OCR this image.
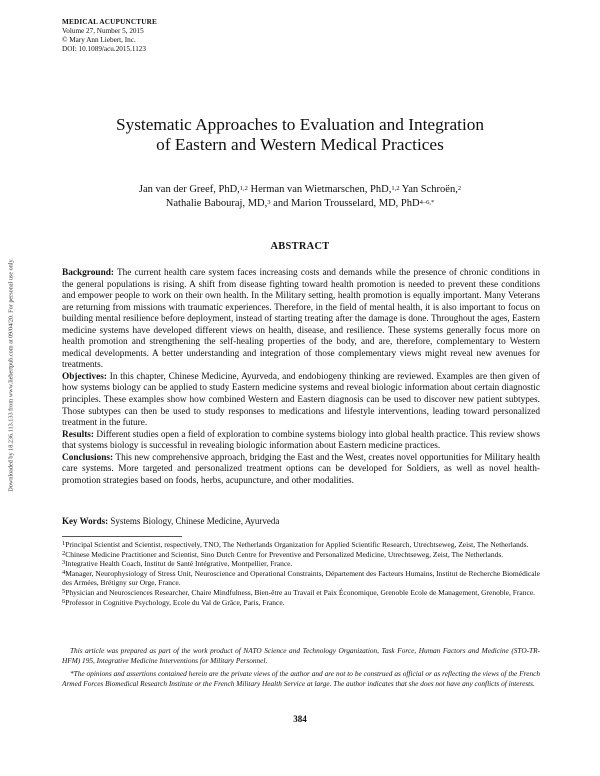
MEDICAL ACUPUNCTURE
Volume 27, Number 5, 2015
© Mary Ann Liebert, Inc.
DOI: 10.1089/acu.2015.1123
Downloaded by 18.236.113.133 from www.liebertpub.com at 09/04/20. For personal use only.
Systematic Approaches to Evaluation and Integration
of Eastern and Western Medical Practices
Jan van der Greef, PhD,$^{1,2}$ Herman van Wietmarschen, PhD,$^{1,2}$ Yan Schroën,$^2$
Nathalie Babouraj, MD,$^3$ and Marion Trousselard, MD, PhD$^{4-6,*}$
ABSTRACT

Background: The current health care system faces increasing costs and demands while the presence of chronic conditions in the general populations is rising. A shift from disease fighting toward health promotion is needed to prevent these conditions and empower people to work on their own health. In the Military setting, health promotion is equally important. Many Veterans are returning from missions with traumatic experiences. Therefore, in the field of mental health, it is also important to focus on building mental resilience before deployment, instead of starting treating after the damage is done. Throughout the ages, Eastern medicine systems have developed different views on health, disease, and resilience. These systems generally focus more on health promotion and strengthening the self-healing properties of the body, and are, therefore, complementary to Western medical developments. A better understanding and integration of those complementary views might reveal new avenues for treatments.

Objectives: In this chapter, Chinese Medicine, Ayurveda, and endobiogeny thinking are reviewed. Examples are then given of how systems biology can be applied to study Eastern medicine systems and reveal biologic information about certain diagnostic principles. These examples show how combined Western and Eastern diagnosis can be used to discover new patient subtypes. Those subtypes can then be used to study responses to medications and lifestyle interventions, leading toward personalized treatment in the future.

Results: Different studies open a field of exploration to combine systems biology into global health practice. This review shows that systems biology is successful in revealing biologic information about Eastern medicine practices.

Conclusions: This new comprehensive approach, bridging the East and the West, creates novel opportunities for Military health care systems. More targeted and personalized treatment options can be developed for Soldiers, as well as novel health-promotion strategies based on foods, herbs, acupuncture, and other modalities.

Key Words: Systems Biology, Chinese Medicine, Ayurveda

$^1$Principal Scientist and Scientist, respectively, TNO, The Netherlands Organization for Applied Scientific Research, Utrechtseweg, Zeist, The Netherlands.

$^2$Chinese Medicine Practitioner and Scientist, Sino Dutch Centre for Preventive and Personalized Medicine, Utrechtseweg, Zeist, The Netherlands.

$^3$Integrative Health Coach, Institut de Santé Intégrative, Montpellier, France.

$^4$Manager, Neurophysiology of Stress Unit, Neuroscience and Operational Constraints, Département des Facteurs Humains, Institut de Recherche Biomédicale des Armées, Brétigny sur Orge, France.

$^5$Physician and Neurosciences Researcher, Chaire Mindfulness, Bien-être au Travail et Paix Économique, Grenoble Ecole de Management, Grenoble, France.

$^6$Professor in Cognitive Psychology, Ecole du Val de Grâce, Paris, France.

This article was prepared as part of the work product of NATO Science and Technology Organization, Task Force, Human Factors and Medicine (STO-TR-HFM) 195, Integrative Medicine Interventions for Military Personnel.
*The opinions and assertions contained herein are the private views of the author and are not to be construed as official or as reflecting the views of the French Armed Forces Biomedical Research Institute or the French Military Health Service at large. The author indicates that she does not have any conflicts of interests.
384
